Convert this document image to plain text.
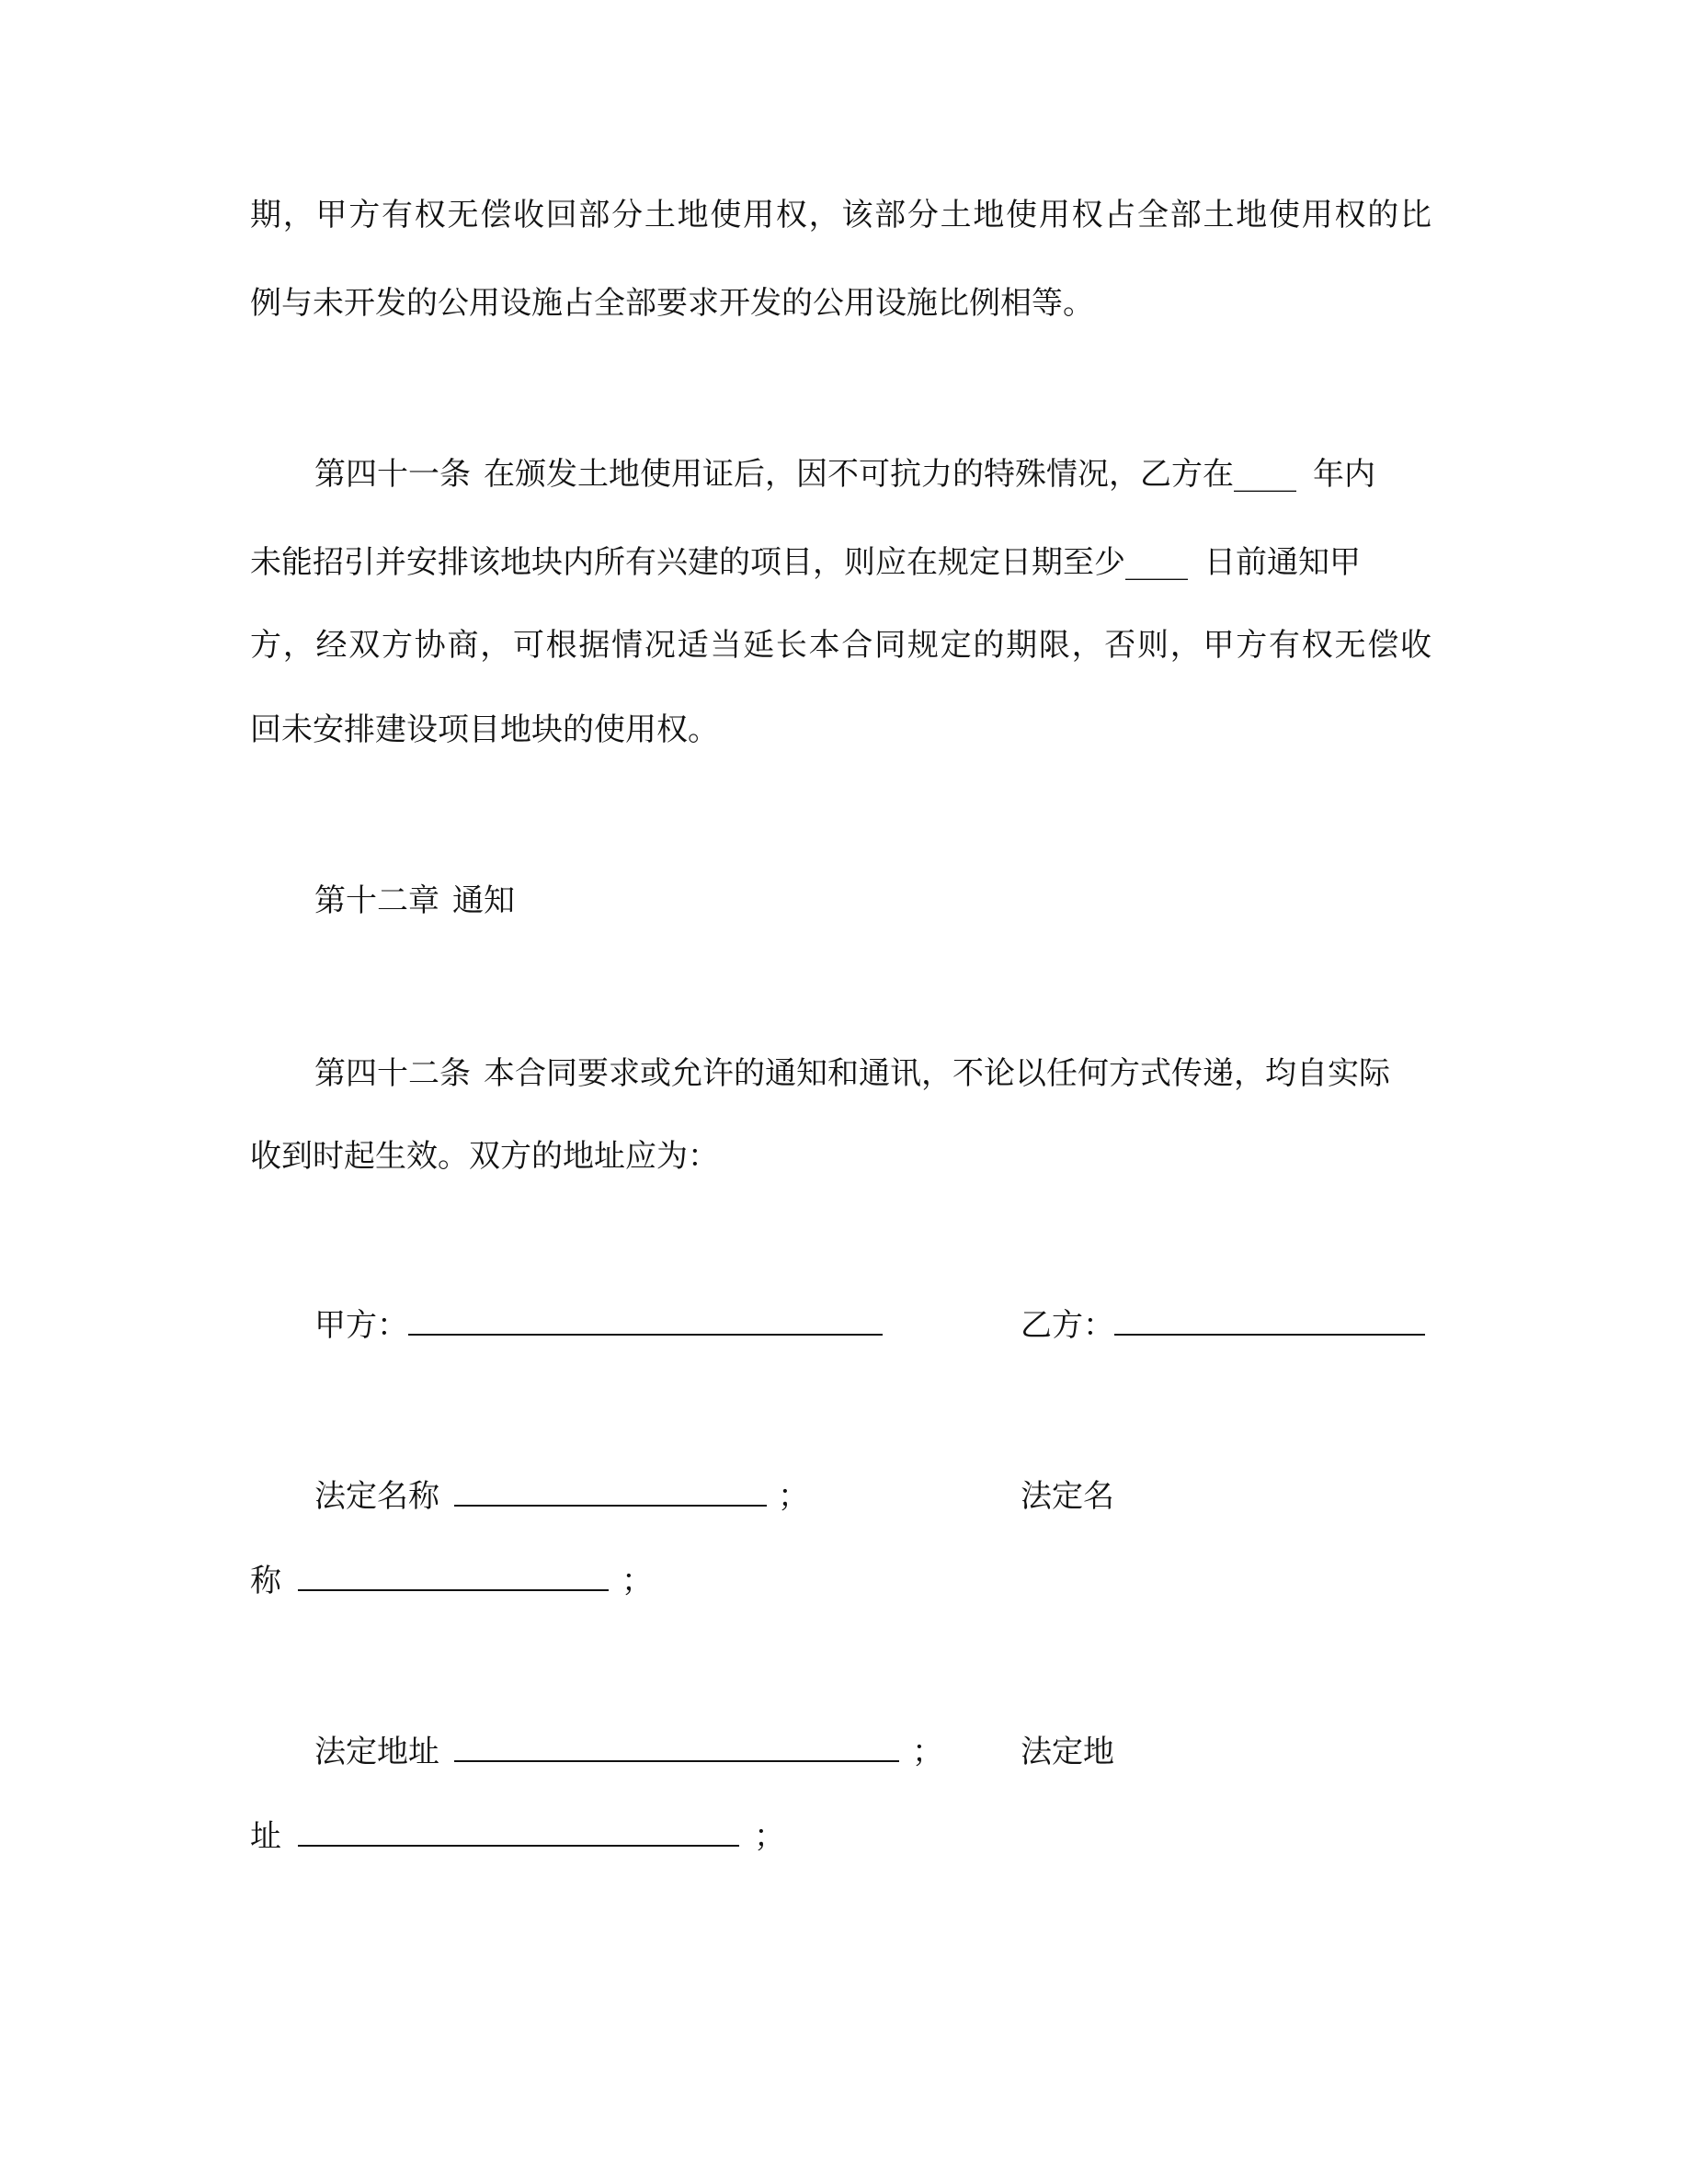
期，甲方有权无偿收回部分土地使用权，该部分土地使用权占全部土地使用权的比
例与未开发的公用设施占全部要求开发的公用设施比例相等。
第四十一条 在颁发土地使用证后，因不可抗力的特殊情况，乙方在____ 年内
未能招引并安排该地块内所有兴建的项目，则应在规定日期至少____ 日前通知甲
方，经双方协商，可根据情况适当延长本合同规定的期限，否则，甲方有权无偿收
回未安排建设项目地块的使用权。
第十二章 通知
第四十二条 本合同要求或允许的通知和通讯，不论以任何方式传递，均自实际
收到时起生效。双方的地址应为：
甲方：	乙方：
法定名称	；	法定名
称	；
法定地址	； 法定地
址	；
